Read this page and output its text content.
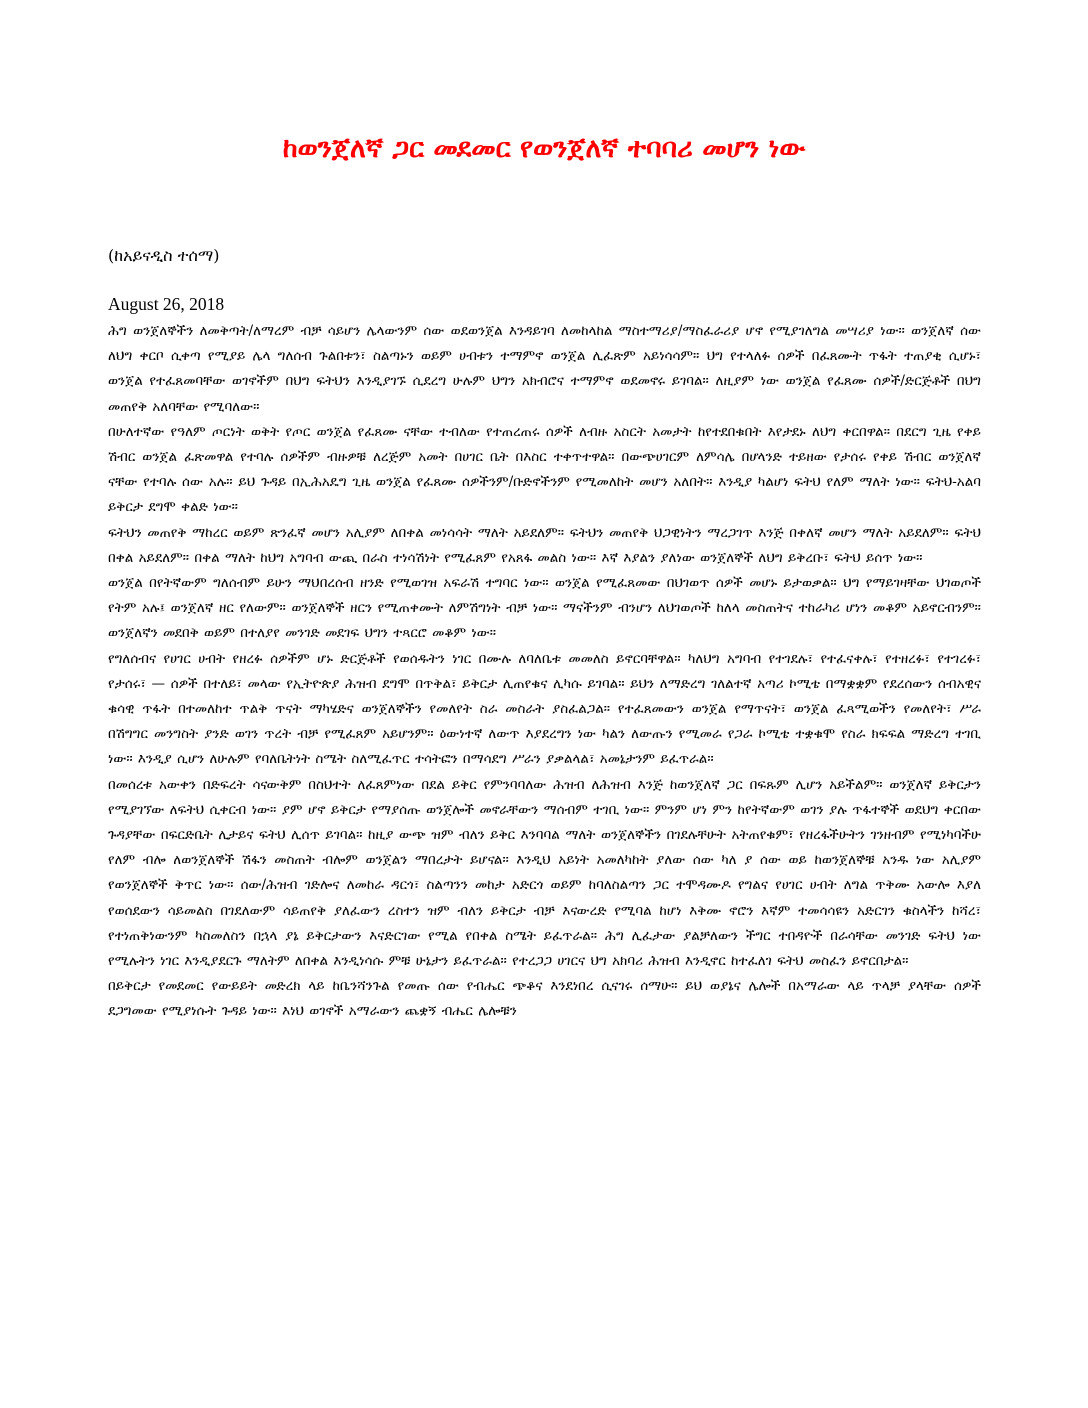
ከወንጀለኛ ጋር መደመር የወንጀለኛ ተባባሪ መሆን ነው

(ከአይናዲስ ተሰማ)

August 26, 2018

ሕግ ወንጀለኞችን ለመቅጣት/ለማረም ብቻ ሳይሆን ሌላውንም ሰው ወደወንጀል እንዳይገባ ለመከላከል ማስተማሪያ/ማስፈራሪያ ሆኖ የሚያገለግል መሣሪያ ነው። ወንጀለኛ ሰው ለህግ ቀርቦ ሲቀጣ የሚያይ ሌላ ግለሰብ ጉልበቱን፣ ስልጣኑን ወይም ሀብቱን ተማምኖ ወንጀል ሊፈጽም አይነሳሳም። ህግ የተላለፉ ሰዎች በፈጸሙት ጥፋት ተጠያቂ ሲሆኑ፣ ወንጀል የተፈጸመባቸው ወገኖችም በህግ ፍትህን እንዲያገኙ ሲደረግ ሁሉም ህግን አክብሮና ተማምኖ ወደመኖሩ ይገባል። ለዚያም ነው ወንጀል የፈጸሙ ሰዎች/ድርጅቶች በህግ መጠየቅ አለባቸው የሚባለው።

በሁለተኛው የዓለም ጦርነት ወቅት የጦር ወንጀል የፈጸሙ ናቸው ተብለው የተጠረጠሩ ሰዎች ለብዙ አስርት አመታት ከየተደበቁበት እየታደኑ ለህግ ቀርበዋል። በደርግ ጊዜ የቀይ ሽብር ወንጀል ፈጽመዋል የተባሉ ሰዎችም ብዙዎቹ ለረጅም አመት በሀገር ቤት በእስር ተቀጥተዋል። በውጭሀገርም ለምሳሌ በሆላንድ ተይዘው የታሰሩ የቀይ ሽብር ወንጀለኛ ናቸው የተባሉ ሰው አሉ። ይህ ጉዳይ በኢሕአዴግ ጊዜ ወንጀል የፈጸሙ ሰዎችንም/ቡድኖችንም የሚመለከት መሆን አለበት። እንዲያ ካልሆነ ፍትህ የለም ማለት ነው። ፍትህ-አልባ ይቅርታ ደግሞ ቀልድ ነው።

ፍትህን መጠየቅ ማከረር ወይም ጽንፈኛ መሆን አሊያም ለበቀል መነሳሳት ማለት አይደለም። ፍትህን መጠየቅ ህጋዊነትን ማረጋገጥ እንጅ በቀለኛ መሆን ማለት አይደለም። ፍትህ በቀል አይደለም። በቀል ማለት ከህግ አግባብ ውጪ በራስ ተነሳሽነት የሚፈጸም የአጸፋ መልስ ነው። እኛ እያልን ያለነው ወንጀለኞች ለህግ ይቅረቡ፣ ፍትህ ይሰጥ ነው።

ወንጀል በየትኛውም ግለሰብም ይሁን ማህበረሰብ ዘንድ የሚወገዝ አፍራሽ ተግባር ነው። ወንጀል የሚፈጸመው በህገወጥ ሰዎች መሆኑ ይታወቃል። ህግ የማይገዛቸው ህገወጦች የትም አሉ፤ ወንጀለኛ ዘር የለውም። ወንጀለኞች ዘርን የሚጠቀሙት ለምሽግነት ብቻ ነው። ማናችንም ብንሆን ለህገወጦች ከለላ መስጠትና ተከራካሪ ሆነን መቆም አይኖርብንም። ወንጀለኛን መደበቅ ወይም በተለያየ መንገድ መደገፍ ህግን ተጻርሮ መቆም ነው።

የግለሰብና የሀገር ሀብት የዘረፉ ሰዎችም ሆኑ ድርጅቶች የወሰዱትን ነገር በሙሉ ለባለቤቱ መመለስ ይኖርባቸዋል። ካለህግ አግባብ የተገደሉ፣ የተፈናቀሉ፣ የተዘረፉ፣ የተገረፉ፣ የታሰሩ፣ — ሰዎች በተለይ፣ መላው የኢትዮጵያ ሕዝብ ደግሞ በጥቅል፣ ይቅርታ ሊጠየቁና ሊካሱ ይገባል። ይህን ለማድረግ ገለልተኛ አጣሪ ኮሚቴ በማቋቋም የደረሰውን ሰብአዊና ቁሳዊ ጥፋት በተመለከተ ጥልቅ ጥናት ማካሄድና ወንጀለኞችን የመለየት ስራ መስራት ያስፈልጋል። የተፈጸመውን ወንጀል የማጥናት፣ ወንጀል ፈጻሚወችን የመለየት፣ ሥራ በሽግግር መንግስት ያንድ ወገን ጥረት ብቻ የሚፈጸም አይሆንም። ዕውነተኛ ለውጥ እያደረግን ነው ካልን ለውጡን የሚመራ የጋራ ኮሚቴ ተቋቁሞ የስራ ክፍፍል ማድረግ ተገቢ ነው። እንዲያ ሲሆን ለሁሉም የባለቤትነት ስሜት ስለሚፈጥር ተሳትፎን በማሳደግ ሥራን ያቃልላል፣ አመኔታንም ይፈጥራል።

በመሰረቱ አውቀን በድፍረት ሳናውቅም በስህተት ለፈጸምነው በደል ይቅር የምንባባለው ሕዝብ ለሕዝብ እንጅ ከወንጀለኛ ጋር በፍጹም ሊሆን አይችልም። ወንጀለኛ ይቅርታን የሚያገኘው ለፍትህ ሲቀርብ ነው። ያም ሆኖ ይቅርታ የማያሰጡ ወንጀሎች መኖራቸውን ማሰብም ተገቢ ነው። ምንም ሆነ ምን ከየትኛውም ወገን ያሉ ጥፋተኞች ወደህግ ቀርበው ጉዳያቸው በፍርድቤት ሊታይና ፍትህ ሊሰጥ ይገባል። ከዚያ ውጭ ዝም ብለን ይቅር እንባባል ማለት ወንጀለኞችን በገደሉቸሁት አትጠየቁም፣ የዘረፋችሁትን ገንዘብም የሚነካባችሁ የለም ብሎ ለወንጀለኞች ሽፋን መስጠት ብሎም ወንጀልን ማበረታት ይሆናል። እንዲህ አይነት አመለካከት ያለው ሰው ካለ ያ ሰው ወይ ከወንጀለኞቹ አንዱ ነው አሊያም የወንጀለኞች ቅጥር ነው። ሰው/ሕዝብ ገድሎና ለመከራ ዳርጎ፣ ስልጣንን መከታ አድርጎ ወይም ከባለስልጣን ጋር ተሞዳሙዶ የግልና የሀገር ሀብት ለግል ጥቅሙ አውሎ እያለ የወሰደውን ሳይመልስ በገደለውም ሳይጠየቅ ያለፈውን ረስተን ዝም ብለን ይቅርታ ብቻ እናውረድ የሚባል ከሆነ እቅሙ ኖሮን እኛም ተመሳሳዩን አድርገን ቁስላችን ከሻረ፣ የተነጠቅነውንም ካስመለስን በኋላ ያኔ ይቅርታውን እናድርገው የሚል የበቀል ስሜት ይፈጥራል። ሕግ ሊፈታው ያልቻለውን ችግር ተበዳዮች በራሳቸው መንገድ ፍትህ ነው የሚሉትን ነገር እንዲያደርጉ ማለትም ለበቀል እንዲነሳሱ ምቹ ሁኔታን ይፈጥራል። የተረጋጋ ሀገርና ህግ አክባሪ ሕዝብ እንዲኖር ከተፈለገ ፍትህ መስፈን ይኖርበታል።

በይቅርታ የመደመር የውይይት መድረክ ላይ ከቤንሻንጉል የመጡ ሰው የብሔር ጭቆና እንደነበረ ሲናገሩ ሰማሁ። ይህ ወያኔና ሌሎች በአማራው ላይ ጥላቻ ያላቸው ሰዎች ደጋግመው የሚያነሱት ጉዳይ ነው። እነህ ወገኖች አማራውን ጨቋኝ ብሔር ሌሎቹን
